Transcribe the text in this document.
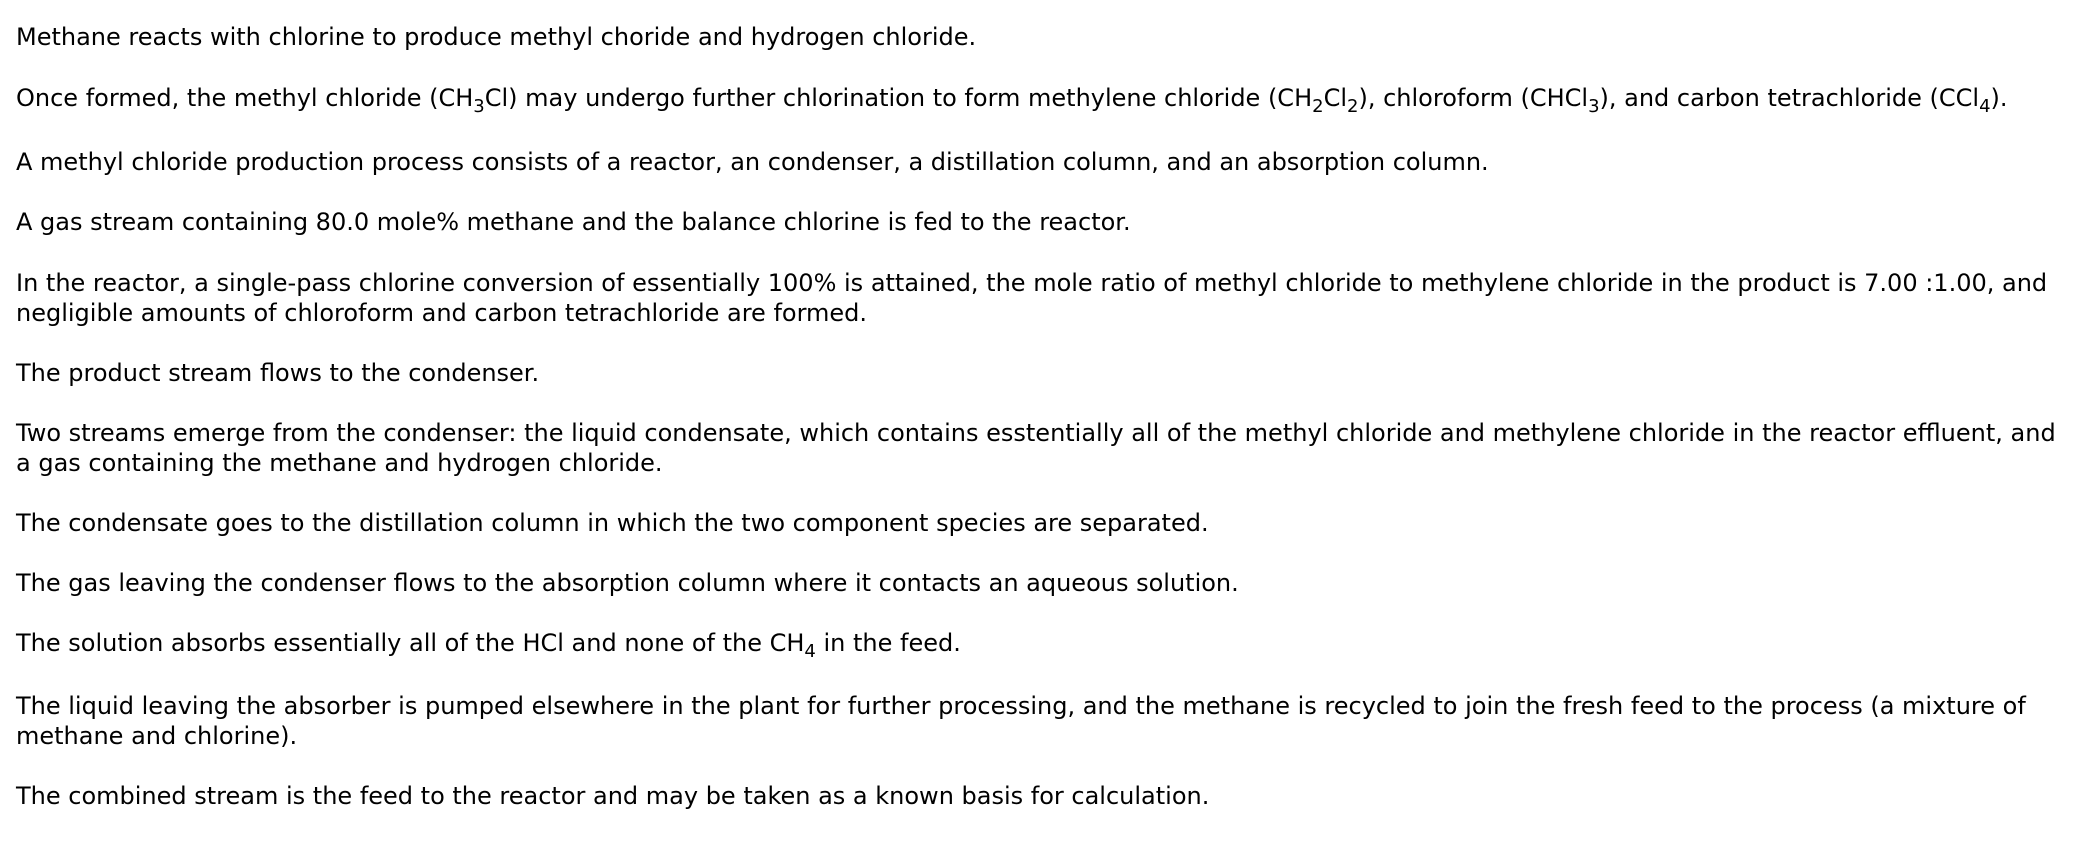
Methane reacts with chlorine to produce methyl choride and hydrogen chloride.

Once formed, the methyl chloride $(CH_3Cl)$ may undergo further chlorination to form methylene chloride $(CH_2Cl_2)$, chloroform (CHCl$_3$), and carbon tetrachloride (CCl$_4$).

A methyl chloride production process consists of a reactor, an condenser, a distillation column, and an absorption column.

A gas stream containing 80.0 mole% methane and the balance chlorine is fed to the reactor.

In the reactor, a single-pass chlorine conversion of essentially 100% is attained, the mole ratio of methyl chloride to methylene chloride in the product is 7.00 :1.00, and negligible amounts of chloroform and carbon tetrachloride are formed.

The product stream flows to the condenser.

Two streams emerge from the condenser: the liquid condensate, which contains esstentially all of the methyl chloride and methylene chloride in the reactor effluent, and a gas containing the methane and hydrogen chloride.

The condensate goes to the distillation column in which the two component species are separated.

The gas leaving the condenser flows to the absorption column where it contacts an aqueous solution.

The solution absorbs essentially all of the HCl and none of the $CH_4$ in the feed.

The liquid leaving the absorber is pumped elsewhere in the plant for further processing, and the methane is recycled to join the fresh feed to the process (a mixture of methane and chlorine).

The combined stream is the feed to the reactor and may be taken as a known basis for calculation.
